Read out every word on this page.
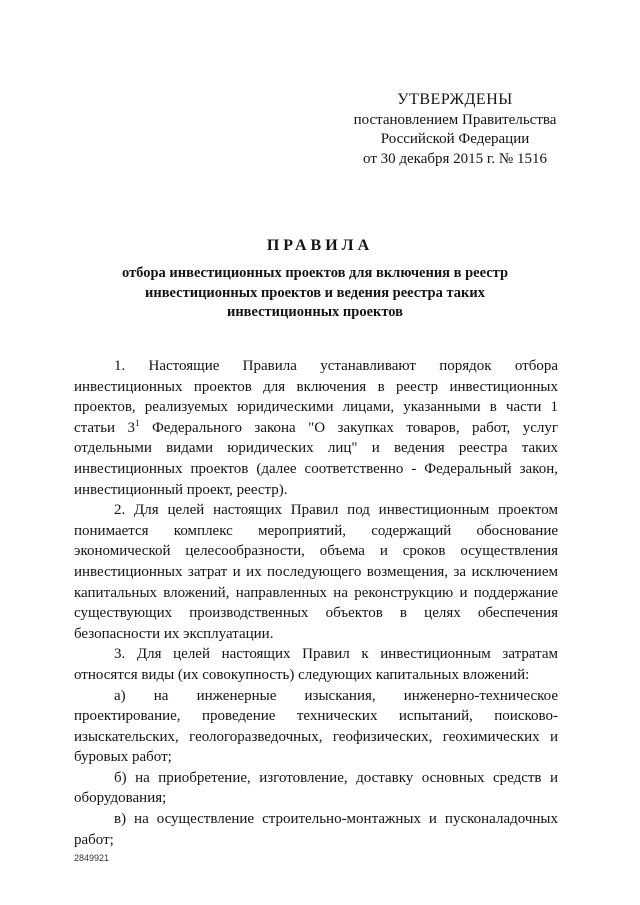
УТВЕРЖДЕНЫ
постановлением Правительства
Российской Федерации
от 30 декабря 2015 г. № 1516
ПРАВИЛА
отбора инвестиционных проектов для включения в реестр инвестиционных проектов и ведения реестра таких инвестиционных проектов

1. Настоящие Правила устанавливают порядок отбора инвестиционных проектов для включения в реестр инвестиционных проектов, реализуемых юридическими лицами, указанными в части 1 статьи $3^1$ Федерального закона "О закупках товаров, работ, услуг отдельными видами юридических лиц" и ведения реестра таких инвестиционных проектов (далее соответственно - Федеральный закон, инвестиционный проект, реестр).

2. Для целей настоящих Правил под инвестиционным проектом понимается комплекс мероприятий, содержащий обоснование экономической целесообразности, объема и сроков осуществления инвестиционных затрат и их последующего возмещения, за исключением капитальных вложений, направленных на реконструкцию и поддержание существующих производственных объектов в целях обеспечения безопасности их эксплуатации.

3. Для целей настоящих Правил к инвестиционным затратам относятся виды (их совокупность) следующих капитальных вложений:

а) на инженерные изыскания, инженерно-техническое проектирование, проведение технических испытаний, поисково-изыскательских, геологоразведочных, геофизических, геохимических и буровых работ;

б) на приобретение, изготовление, доставку основных средств и оборудования;

в) на осуществление строительно-монтажных и пусконаладочных работ;

2849921
